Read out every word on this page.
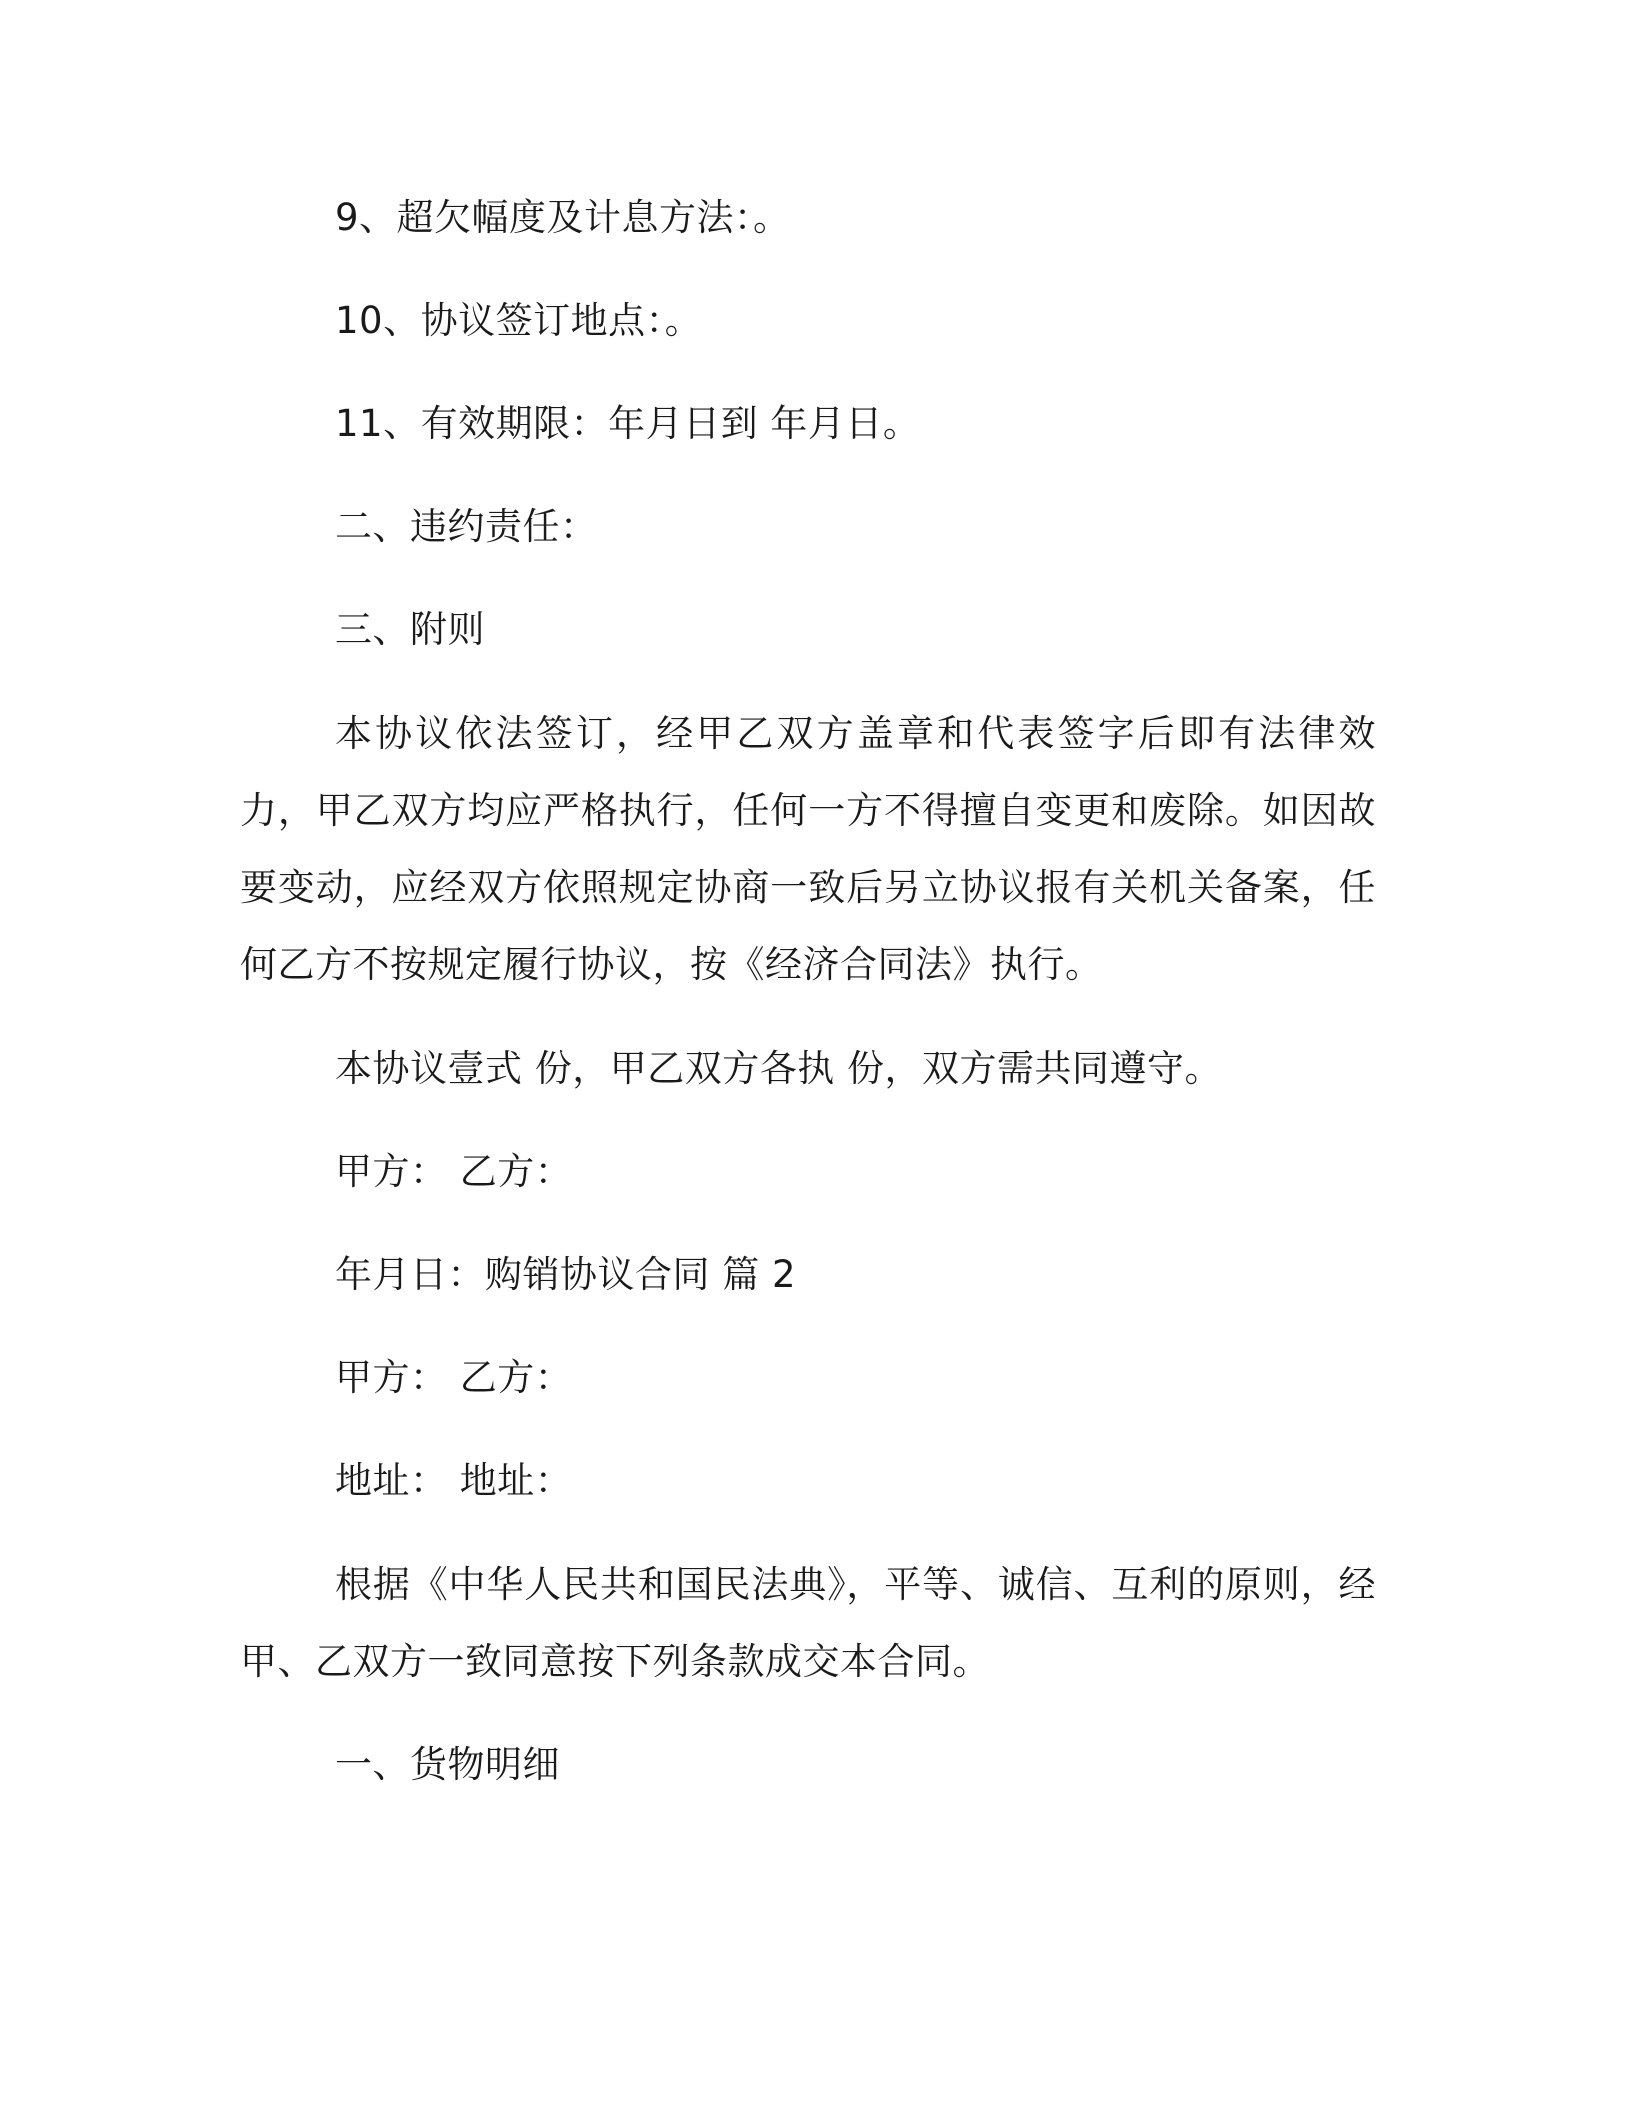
9、超欠幅度及计息方法：。
10、协议签订地点：。
11、有效期限：年月日到 年月日。
二、违约责任：
三、附则
本协议依法签订，经甲乙双方盖章和代表签字后即有法律效力，甲乙双方均应严格执行，任何一方不得擅自变更和废除。如因故要变动，应经双方依照规定协商一致后另立协议报有关机关备案，任何乙方不按规定履行协议，按《经济合同法》执行。
本协议壹式 份，甲乙双方各执 份，双方需共同遵守。
甲方： 乙方：
年月日：购销协议合同 篇 2
甲方： 乙方：
地址： 地址：
根据《中华人民共和国民法典》，平等、诚信、互利的原则，经甲、乙双方一致同意按下列条款成交本合同。
一、货物明细
